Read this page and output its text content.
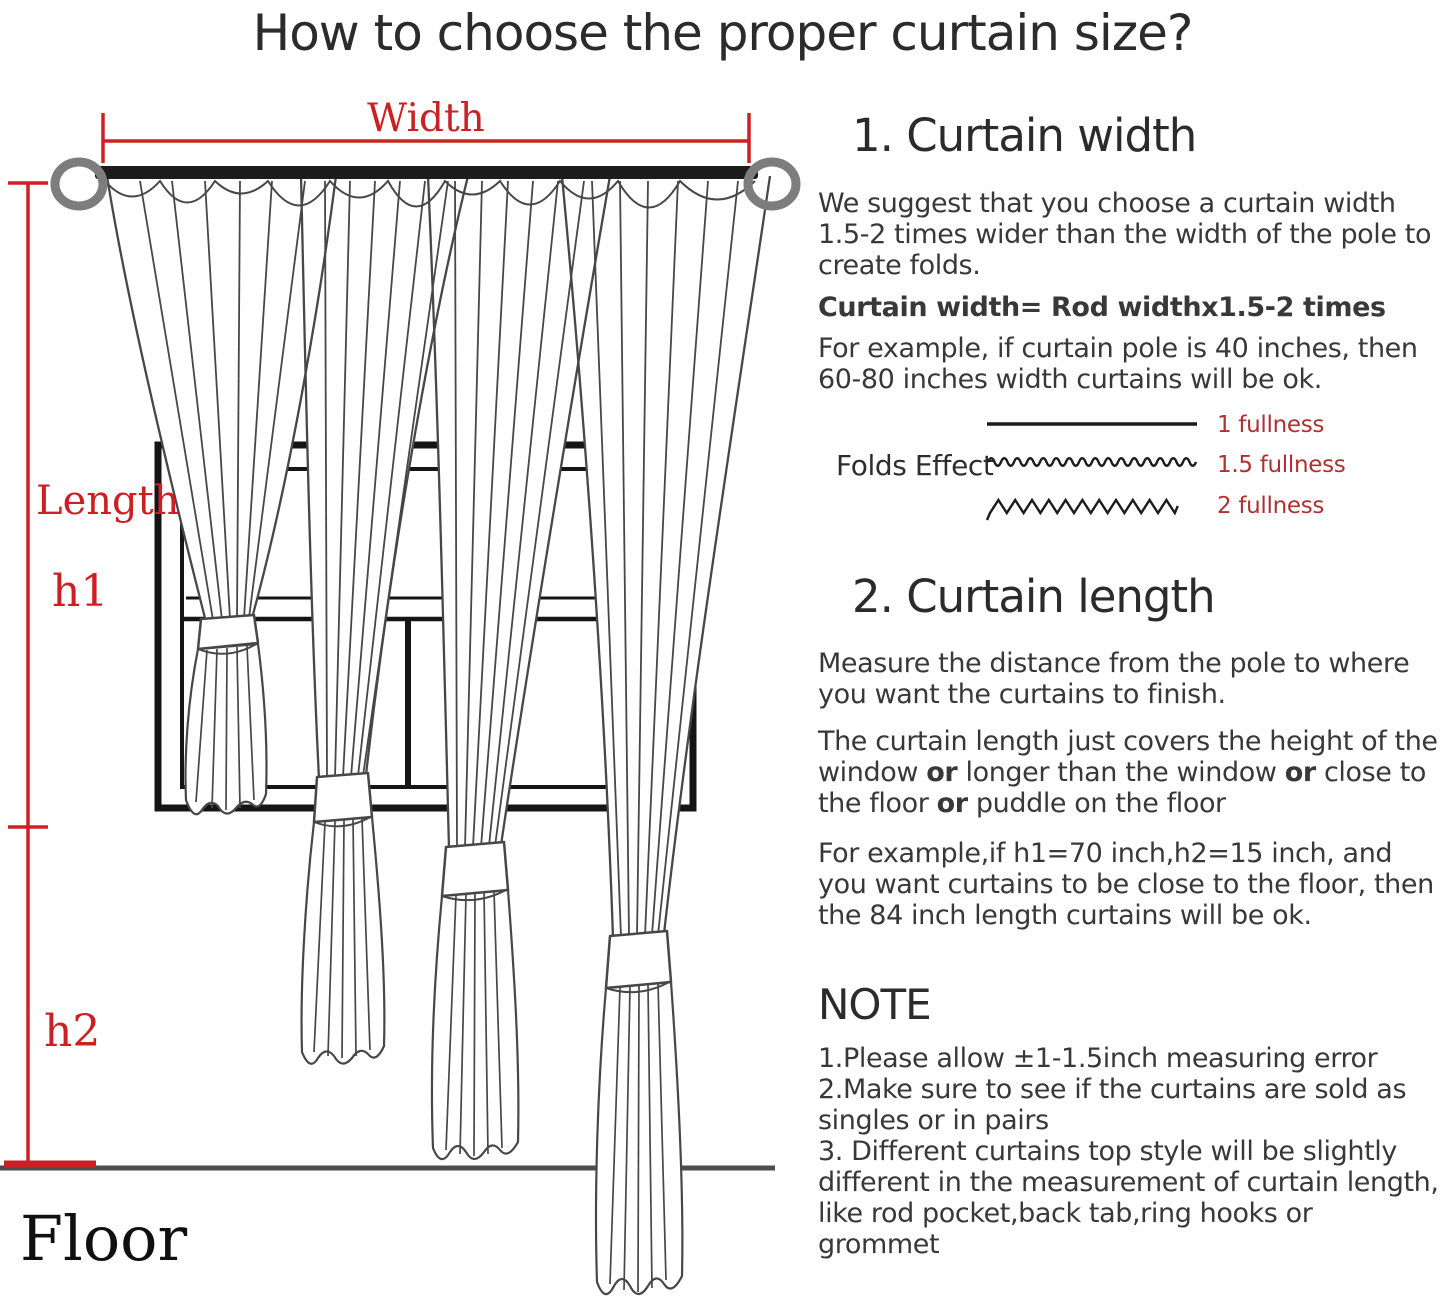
How to choose the proper curtain size?
Width
Length
h1
h2
Floor
1. Curtain width

We suggest that you choose a curtain width 1.5-2 times wider than the width of the pole to create folds.

Curtain width= Rod widthx1.5-2 times

For example, if curtain pole is 40 inches, then 60-80 inches width curtains will be ok.

Folds Effect
1 fullness
1.5 fullness
2 fullness
2. Curtain length

Measure the distance from the pole to where you want the curtains to finish.

The curtain length just covers the height of the window or longer than the window or close to the floor or puddle on the floor

For example,if h1=70 inch,h2=15 inch, and you want curtains to be close to the floor, then the 84 inch length curtains will be ok.

NOTE

1.Please allow ±1-1.5inch measuring error

2.Make sure to see if the curtains are sold as singles or in pairs

3. Different curtains top style will be slightly different in the measurement of curtain length, like rod pocket,back tab,ring hooks or grommet
